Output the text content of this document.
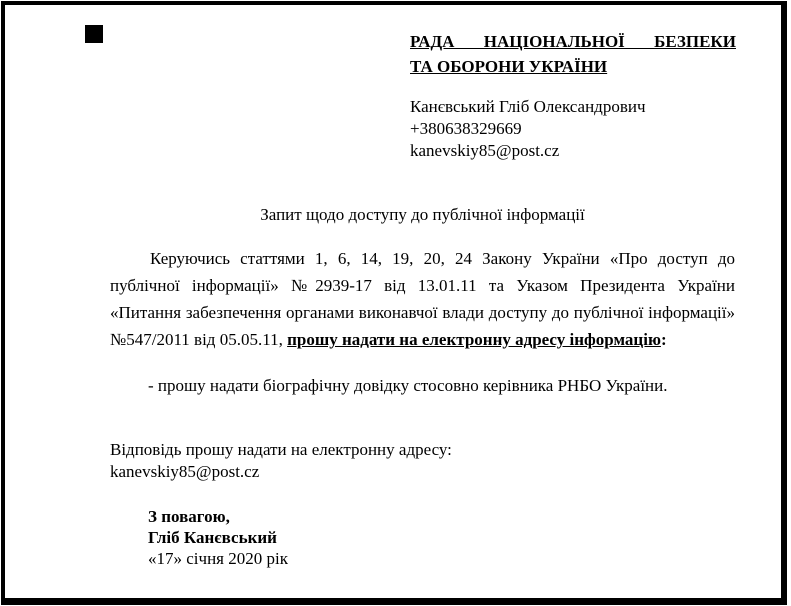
РАДА НАЦІОНАЛЬНОЇ БЕЗПЕКИ
ТА ОБОРОНИ УКРАЇНИ
Канєвський Гліб Олександрович
+380638329669
kanevskiy85@post.cz
Запит щодо доступу до публічної інформації
Керуючись статтями 1, 6, 14, 19, 20, 24 Закону України «Про доступ до публічної інформації» №2939-17 від 13.01.11 та Указом Президента України «Питання забезпечення органами виконавчої влади доступу до публічної інформації» №547/2011 від 05.05.11, прошу надати на електронну адресу інформацію:
- прошу надати біографічну довідку стосовно керівника РНБО України.
Відповідь прошу надати на електронну адресу:
kanevskiy85@post.cz
З повагою,
Гліб Канєвський
«17» січня 2020 рік
